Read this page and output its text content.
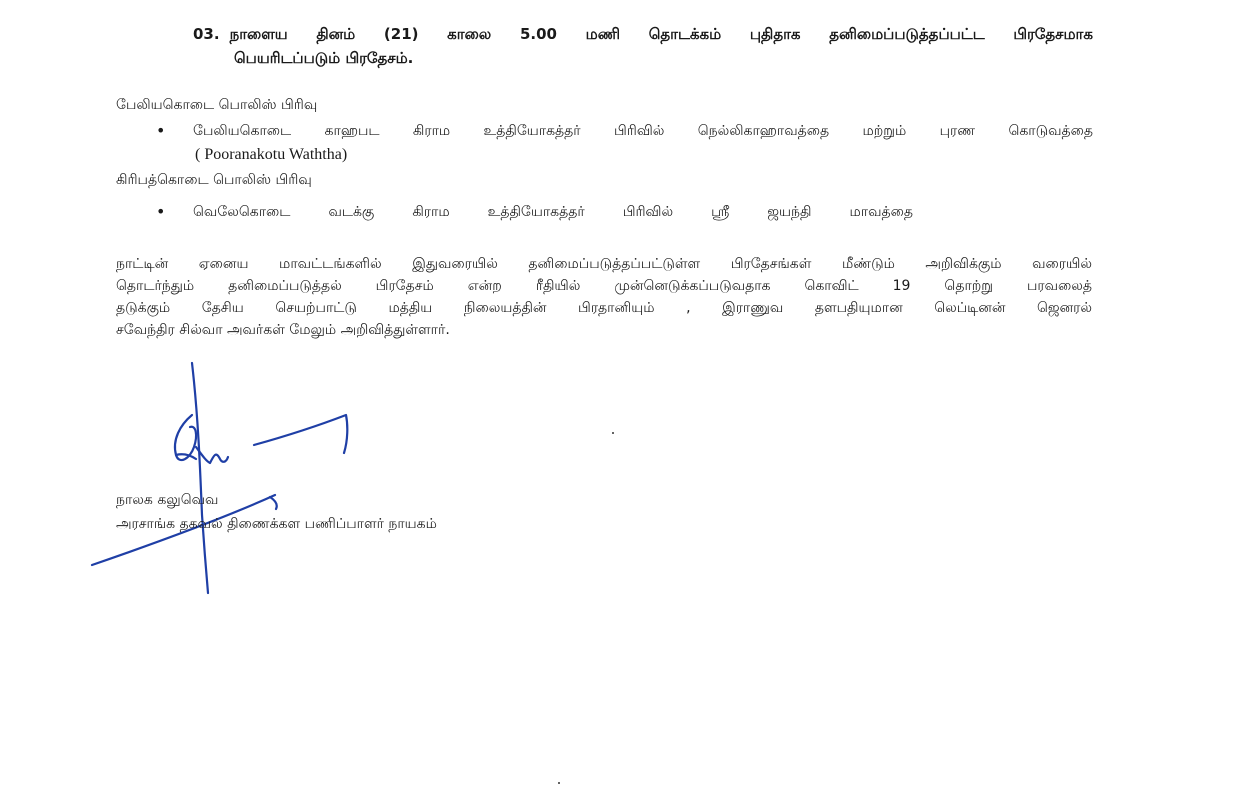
03. நாளைய தினம் (21) காலை 5.00 மணி தொடக்கம் புதிதாக தனிமைப்படுத்தப்பட்ட பிரதேசமாக
பெயரிடப்படும் பிரதேசம்.
பேலியகொடை பொலிஸ் பிரிவு
•	பேலியகொடை காஹபட கிராம உத்தியோகத்தர் பிரிவில் நெல்லிகாஹாவத்தை மற்றும் புரண கொடுவத்தை
( Pooranakotu Waththa)
கிரிபத்கொடை பொலிஸ் பிரிவு
•	வெலேகொடை வடக்கு கிராம உத்தியோகத்தர் பிரிவில் ஸ்ரீ ஜயந்தி மாவத்தை
நாட்டின் ஏனைய மாவட்டங்களில் இதுவரையில் தனிமைப்படுத்தப்பட்டுள்ள பிரதேசங்கள் மீண்டும் அறிவிக்கும் வரையில்
தொடர்ந்தும் தனிமைப்படுத்தல் பிரதேசம் என்ற ரீதியில் முன்னெடுக்கப்படுவதாக கொவிட் 19 தொற்று பரவலைத்
தடுக்கும் தேசிய செயற்பாட்டு மத்திய நிலையத்தின் பிரதானியும் , இராணுவ தளபதியுமான லெப்டினன் ஜெனரல்
சவேந்திர சில்வா அவர்கள் மேலும் அறிவித்துள்ளார்.
நாலக கலுவெவ
அரசாங்க தகவல் திணைக்கள பணிப்பாளர் நாயகம்
